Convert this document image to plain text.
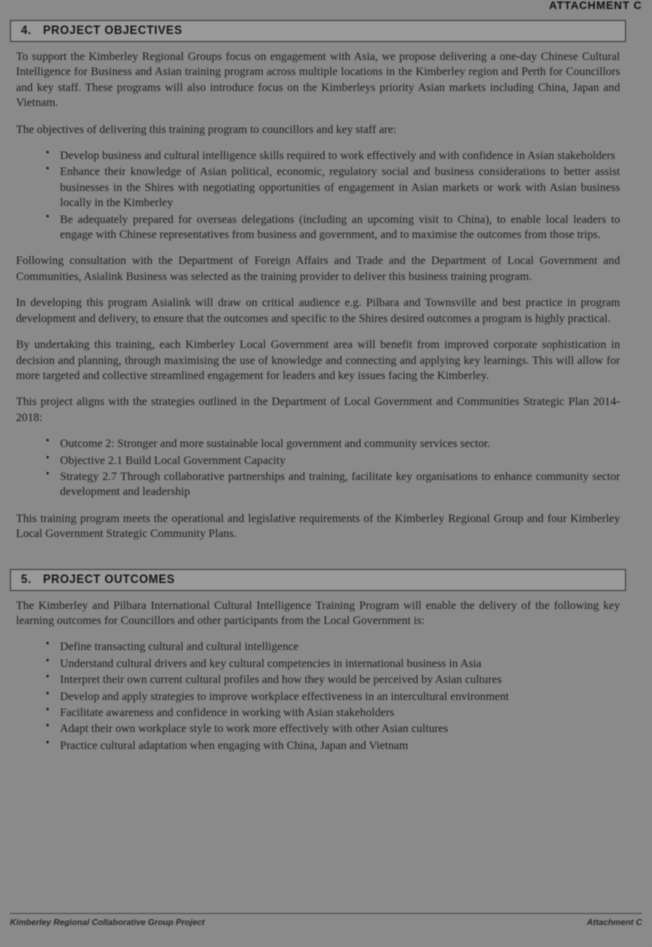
ATTACHMENT C
4. PROJECT OBJECTIVES

To support the Kimberley Regional Groups focus on engagement with Asia, we propose delivering a one-day Chinese Cultural Intelligence for Business and Asian training program across multiple locations in the Kimberley region and Perth for Councillors and key staff. These programs will also introduce focus on the Kimberleys priority Asian markets including China, Japan and Vietnam.

The objectives of delivering this training program to councillors and key staff are:

▪ Develop business and cultural intelligence skills required to work effectively and with confidence in Asian stakeholders
▪ Enhance their knowledge of Asian political, economic, regulatory social and business considerations to better assist businesses in the Shires with negotiating opportunities of engagement in Asian markets or work with Asian business locally in the Kimberley
▪ Be adequately prepared for overseas delegations (including an upcoming visit to China), to enable local leaders to engage with Chinese representatives from business and government, and to maximise the outcomes from those trips.

Following consultation with the Department of Foreign Affairs and Trade and the Department of Local Government and Communities, Asialink Business was selected as the training provider to deliver this business training program.

In developing this program Asialink will draw on critical audience e.g. Pilbara and Townsville and best practice in program development and delivery, to ensure that the outcomes and specific to the Shires desired outcomes a program is highly practical.

By undertaking this training, each Kimberley Local Government area will benefit from improved corporate sophistication in decision and planning, through maximising the use of knowledge and connecting and applying key learnings. This will allow for more targeted and collective streamlined engagement for leaders and key issues facing the Kimberley.

This project aligns with the strategies outlined in the Department of Local Government and Communities Strategic Plan 2014-2018:

▪ Outcome 2: Stronger and more sustainable local government and community services sector.
▪ Objective 2.1 Build Local Government Capacity
▪ Strategy 2.7 Through collaborative partnerships and training, facilitate key organisations to enhance community sector development and leadership

This training program meets the operational and legislative requirements of the Kimberley Regional Group and four Kimberley Local Government Strategic Community Plans.

5. PROJECT OUTCOMES

The Kimberley and Pilbara International Cultural Intelligence Training Program will enable the delivery of the following key learning outcomes for Councillors and other participants from the Local Government is:

▪ Define transacting cultural and cultural intelligence
▪ Understand cultural drivers and key cultural competencies in international business in Asia
▪ Interpret their own current cultural profiles and how they would be perceived by Asian cultures
▪ Develop and apply strategies to improve workplace effectiveness in an intercultural environment
▪ Facilitate awareness and confidence in working with Asian stakeholders
▪ Adapt their own workplace style to work more effectively with other Asian cultures
▪ Practice cultural adaptation when engaging with China, Japan and Vietnam
Kimberley Regional Collaborative Group Project	Attachment C
